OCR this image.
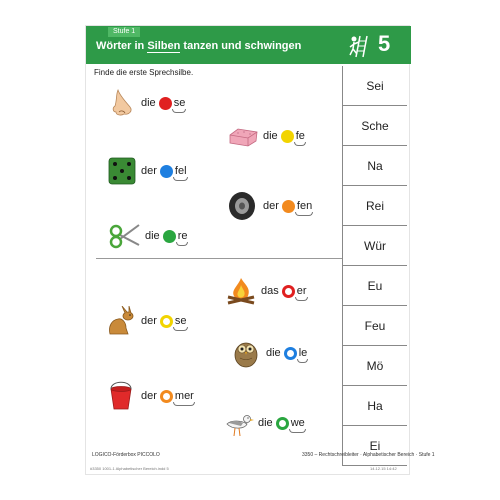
Stufe 1
Wörter in Silben tanzen und schwingen	5
Finde die erste Sprechsilbe.
Sei
Sche
Na
Rei
Wür
Eu
Feu
Mö
Ha
Ei
die se
die fe
der fel
der fen
die re
das er
der se
die le
der mer
die we
LOGICO-Förderbox PICCOLO	3350 – Rechtschreibleiter · Alphabetischer Bereich · Stufe 1
#3350 1001-1 Alphabetischer Bereich.indd 5	14.12.15 14:42
